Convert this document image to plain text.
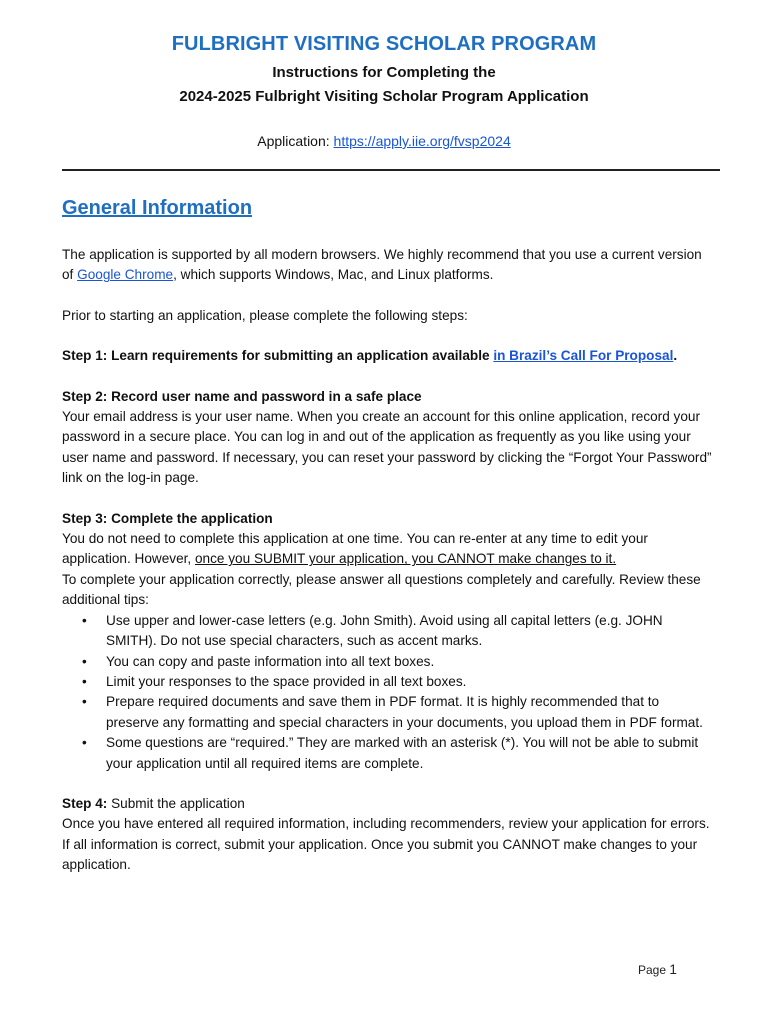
FULBRIGHT VISITING SCHOLAR PROGRAM
Instructions for Completing the
2024-2025 Fulbright Visiting Scholar Program Application
Application: https://apply.iie.org/fvsp2024
General Information

The application is supported by all modern browsers. We highly recommend that you use a current version of Google Chrome, which supports Windows, Mac, and Linux platforms.

Prior to starting an application, please complete the following steps:

Step 1: Learn requirements for submitting an application available in Brazil’s Call For Proposal.

Step 2: Record user name and password in a safe place

Your email address is your user name. When you create an account for this online application, record your password in a secure place. You can log in and out of the application as frequently as you like using your user name and password. If necessary, you can reset your password by clicking the “Forgot Your Password” link on the log-in page.

Step 3: Complete the application

You do not need to complete this application at one time. You can re-enter at any time to edit your application. However, once you SUBMIT your application, you CANNOT make changes to it.

To complete your application correctly, please answer all questions completely and carefully. Review these additional tips:

• Use upper and lower-case letters (e.g. John Smith). Avoid using all capital letters (e.g. JOHN SMITH). Do not use special characters, such as accent marks.
• You can copy and paste information into all text boxes.
• Limit your responses to the space provided in all text boxes.
• Prepare required documents and save them in PDF format. It is highly recommended that to preserve any formatting and special characters in your documents, you upload them in PDF format.
• Some questions are “required.” They are marked with an asterisk (*). You will not be able to submit your application until all required items are complete.

Step 4: Submit the application

Once you have entered all required information, including recommenders, review your application for errors. If all information is correct, submit your application. Once you submit you CANNOT make changes to your application.

Page 1
